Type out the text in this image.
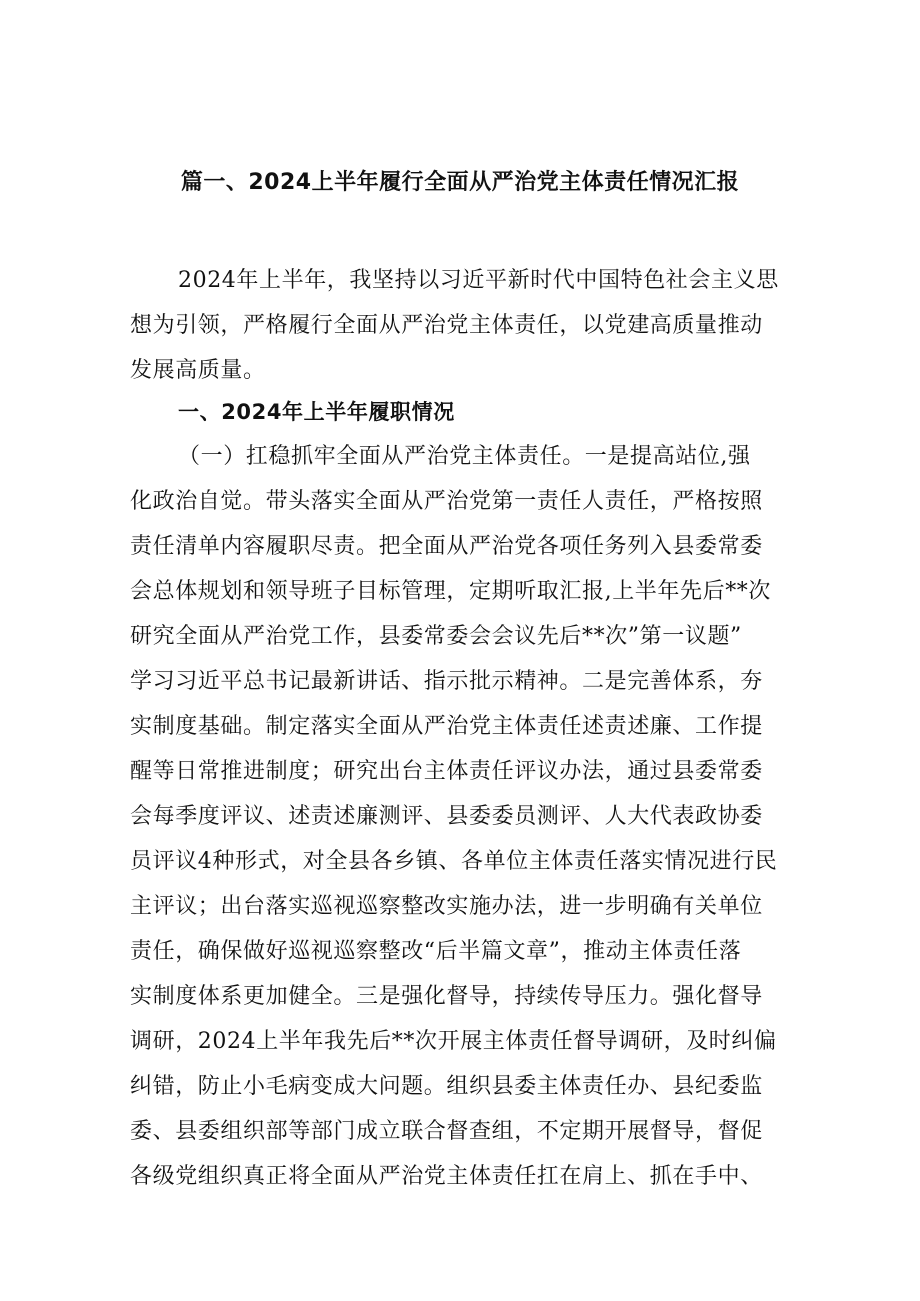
篇一、2024上半年履行全面从严治党主体责任情况汇报
2024年上半年，我坚持以习近平新时代中国特色社会主义思
想为引领，严格履行全面从严治党主体责任，以党建高质量推动
发展高质量。
一、2024年上半年履职情况
（一）扛稳抓牢全面从严治党主体责任。一是提高站位,强
化政治自觉。带头落实全面从严治党第一责任人责任，严格按照
责任清单内容履职尽责。把全面从严治党各项任务列入县委常委
会总体规划和领导班子目标管理，定期听取汇报,上半年先后**次
研究全面从严治党工作，县委常委会会议先后**次”第一议题”
学习习近平总书记最新讲话、指示批示精神。二是完善体系，夯
实制度基础。制定落实全面从严治党主体责任述责述廉、工作提
醒等日常推进制度；研究出台主体责任评议办法，通过县委常委
会每季度评议、述责述廉测评、县委委员测评、人大代表政协委
员评议4种形式，对全县各乡镇、各单位主体责任落实情况进行民
主评议；出台落实巡视巡察整改实施办法，进一步明确有关单位
责任，确保做好巡视巡察整改“后半篇文章”，推动主体责任落
实制度体系更加健全。三是强化督导，持续传导压力。强化督导
调研，2024上半年我先后**次开展主体责任督导调研，及时纠偏
纠错，防止小毛病变成大问题。组织县委主体责任办、县纪委监
委、县委组织部等部门成立联合督查组，不定期开展督导，督促
各级党组织真正将全面从严治党主体责任扛在肩上、抓在手中、
